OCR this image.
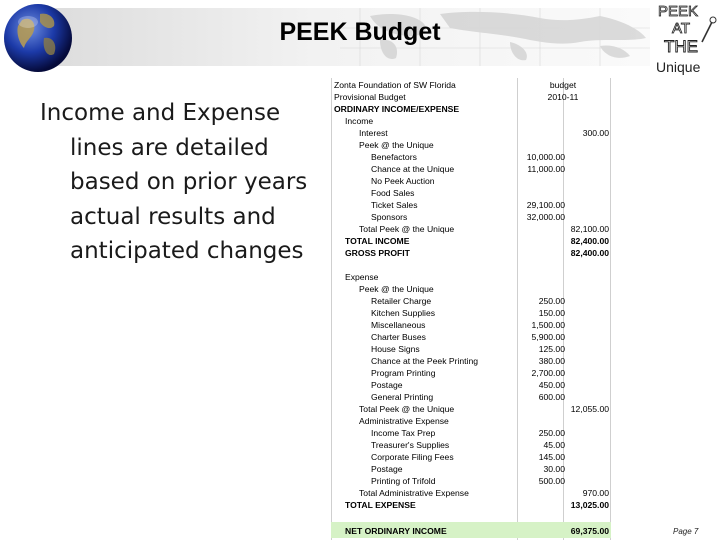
PEEK Budget
PEEK
AT
THE
Unique

Income and Expense lines are detailed based on prior years actual results and anticipated changes

Zonta Foundation of SW Florida	budget
Provisional Budget	2010-11
ORDINARY INCOME/EXPENSE
Income
Interest	300.00
Peek @ the Unique
Benefactors	10,000.00
Chance at the Unique	11,000.00
No Peek Auction
Food Sales
Ticket Sales	29,100.00
Sponsors	32,000.00
Total Peek @ the Unique	82,100.00
TOTAL INCOME	82,400.00
GROSS PROFIT	82,400.00
Expense
Peek @ the Unique
Retailer Charge	250.00
Kitchen Supplies	150.00
Miscellaneous	1,500.00
Charter Buses	5,900.00
House Signs	125.00
Chance at the Peek Printing	380.00
Program Printing	2,700.00
Postage	450.00
General Printing	600.00
Total Peek @ the Unique	12,055.00
Administrative Expense
Income Tax Prep	250.00
Treasurer's Supplies	45.00
Corporate Filing Fees	145.00
Postage	30.00
Printing of Trifold	500.00
Total Administrative Expense	970.00
TOTAL EXPENSE	13,025.00
NET ORDINARY INCOME	69,375.00	Page 7
